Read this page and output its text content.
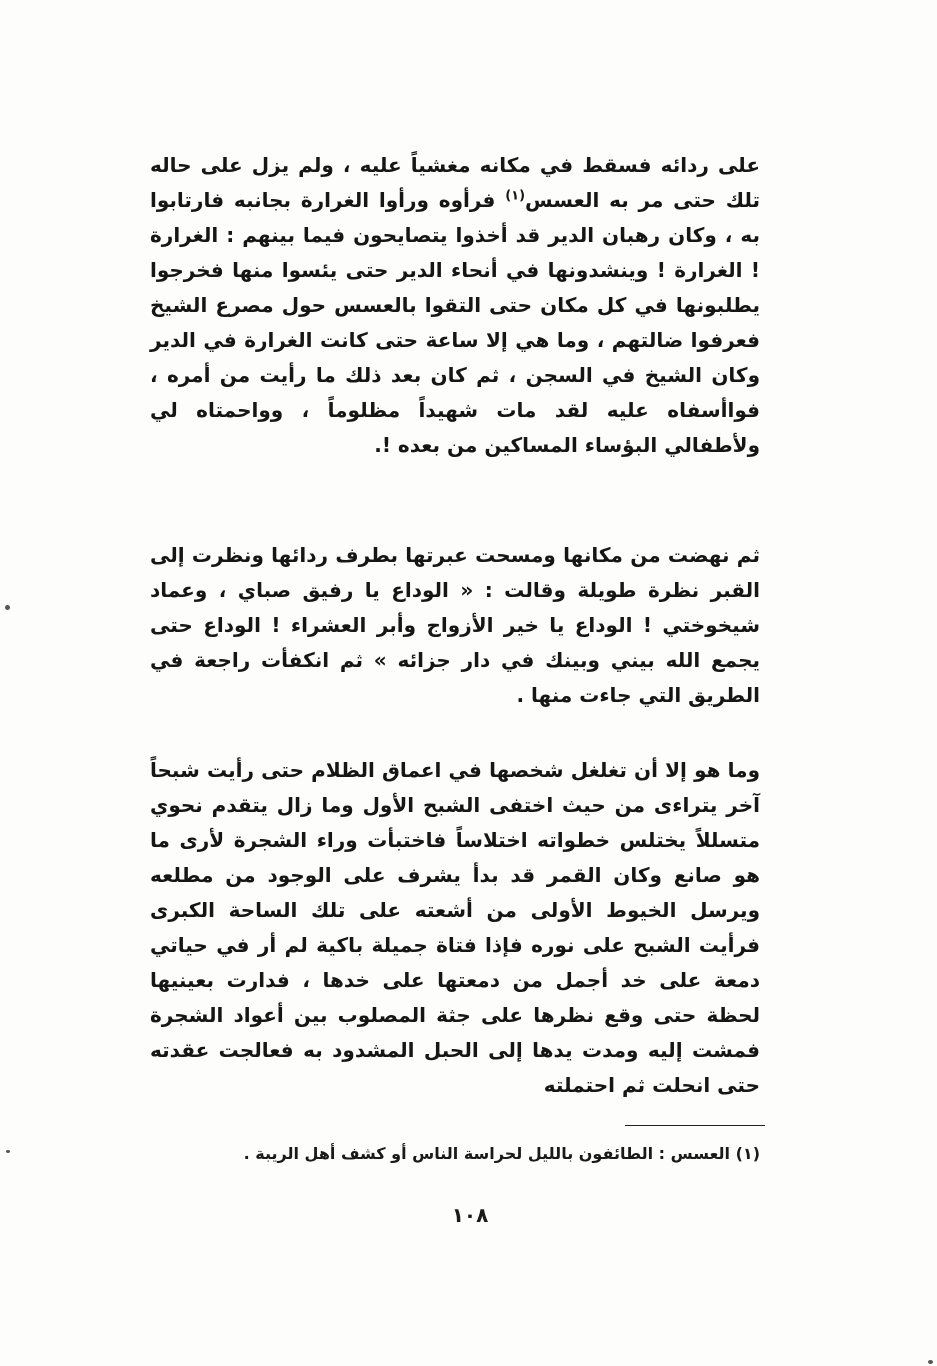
على ردائه فسقط في مكانه مغشياً عليه ، ولم يزل على حاله تلك حتى مر به العسس$^{(١)}$ فرأوه ورأوا الغرارة بجانبه فارتابوا به ، وكان رهبان الدير قد أخذوا يتصايحون فيما بينهم : الغرارة ! الغرارة ! وينشدونها في أنحاء الدير حتى يئسوا منها فخرجوا يطلبونها في كل مكان حتى التقوا بالعسس حول مصرع الشيخ فعرفوا ضالتهم ، وما هي إلا ساعة حتى كانت الغرارة في الدير وكان الشيخ في السجن ، ثم كان بعد ذلك ما رأيت من أمره ، فواأسفاه عليه لقد مات شهيداً مظلوماً ، وواحمتاه لي ولأطفالي البؤساء المساكين من بعده !.

ثم نهضت من مكانها ومسحت عبرتها بطرف ردائها ونظرت إلى القبر نظرة طويلة وقالت : « الوداع يا رفيق صباي ، وعماد شيخوختي ! الوداع يا خير الأزواج وأبر العشراء ! الوداع حتى يجمع الله بيني وبينك في دار جزائه » ثم انكفأت راجعة في الطريق التي جاءت منها .

وما هو إلا أن تغلغل شخصها في اعماق الظلام حتى رأيت شبحاً آخر يتراءى من حيث اختفى الشبح الأول وما زال يتقدم نحوي متسللاً يختلس خطواته اختلاساً فاختبأت وراء الشجرة لأرى ما هو صانع وكان القمر قد بدأ يشرف على الوجود من مطلعه ويرسل الخيوط الأولى من أشعته على تلك الساحة الكبرى فرأيت الشبح على نوره فإذا فتاة جميلة باكية لم أر في حياتي دمعة على خد أجمل من دمعتها على خدها ، فدارت بعينيها لحظة حتى وقع نظرها على جثة المصلوب بين أعواد الشجرة فمشت إليه ومدت يدها إلى الحبل المشدود به فعالجت عقدته حتى انحلت ثم احتملته

(١) العسس : الطائفون بالليل لحراسة الناس أو كشف أهل الريبة .
١٠٨
